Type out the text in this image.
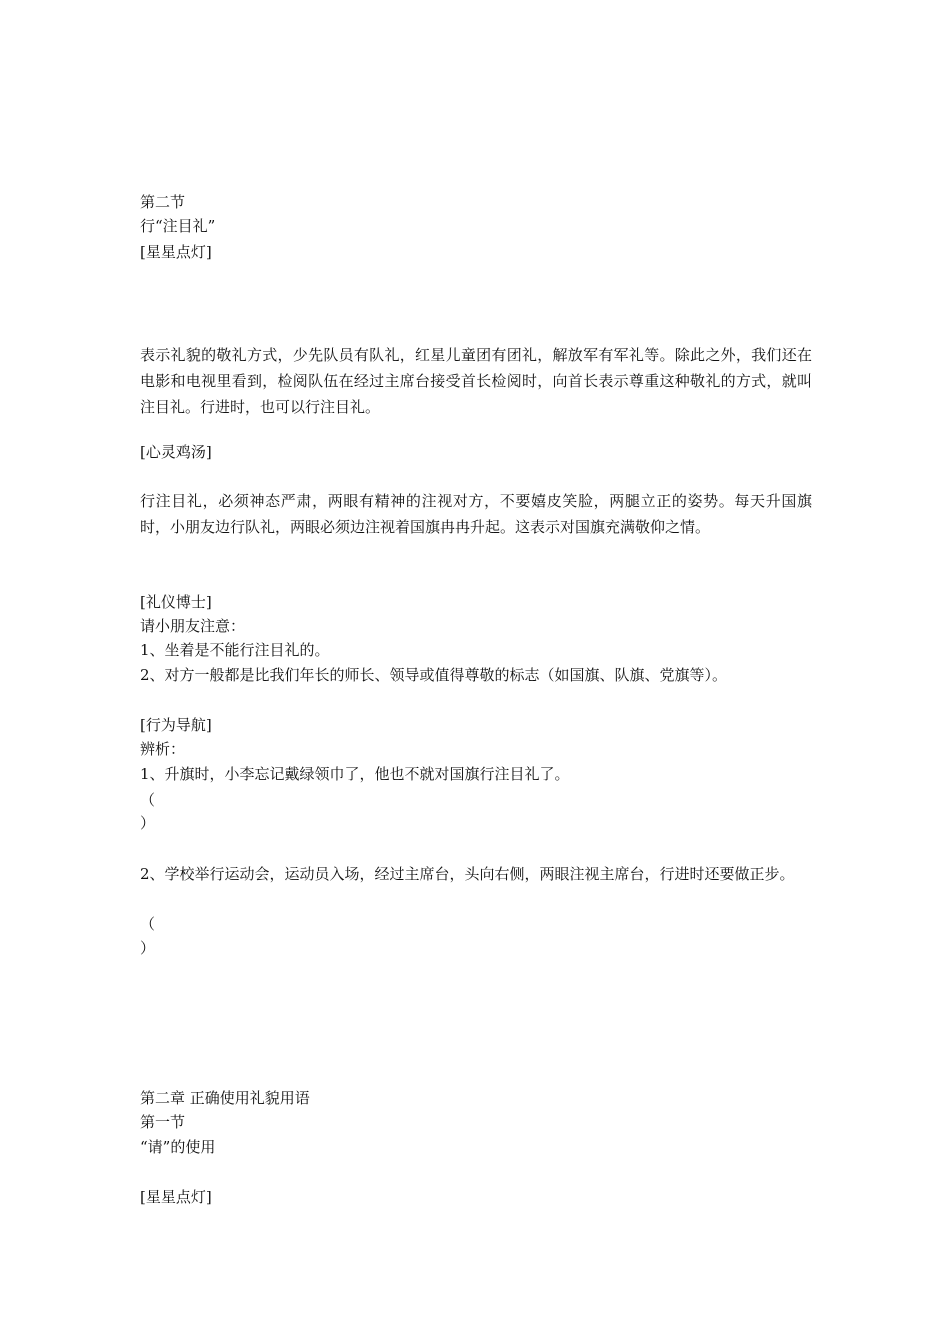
第二节
行“注目礼”
[星星点灯]
表示礼貌的敬礼方式，少先队员有队礼，红星儿童团有团礼，解放军有军礼等。除此之外，我们还在电影和电视里看到，检阅队伍在经过主席台接受首长检阅时，向首长表示尊重这种敬礼的方式，就叫注目礼。行进时，也可以行注目礼。
[心灵鸡汤]
行注目礼，必须神态严肃，两眼有精神的注视对方，不要嬉皮笑脸，两腿立正的姿势。每天升国旗时，小朋友边行队礼，两眼必须边注视着国旗冉冉升起。这表示对国旗充满敬仰之情。
[礼仪博士]
请小朋友注意：
1、坐着是不能行注目礼的。
2、对方一般都是比我们年长的师长、领导或值得尊敬的标志（如国旗、队旗、党旗等）。
[行为导航]
辨析：
1、升旗时，小李忘记戴绿领巾了，他也不就对国旗行注目礼了。
（
）
2、学校举行运动会，运动员入场，经过主席台，头向右侧，两眼注视主席台，行进时还要做正步。
（
）
第二章 正确使用礼貌用语
第一节
“请”的使用
[星星点灯]
